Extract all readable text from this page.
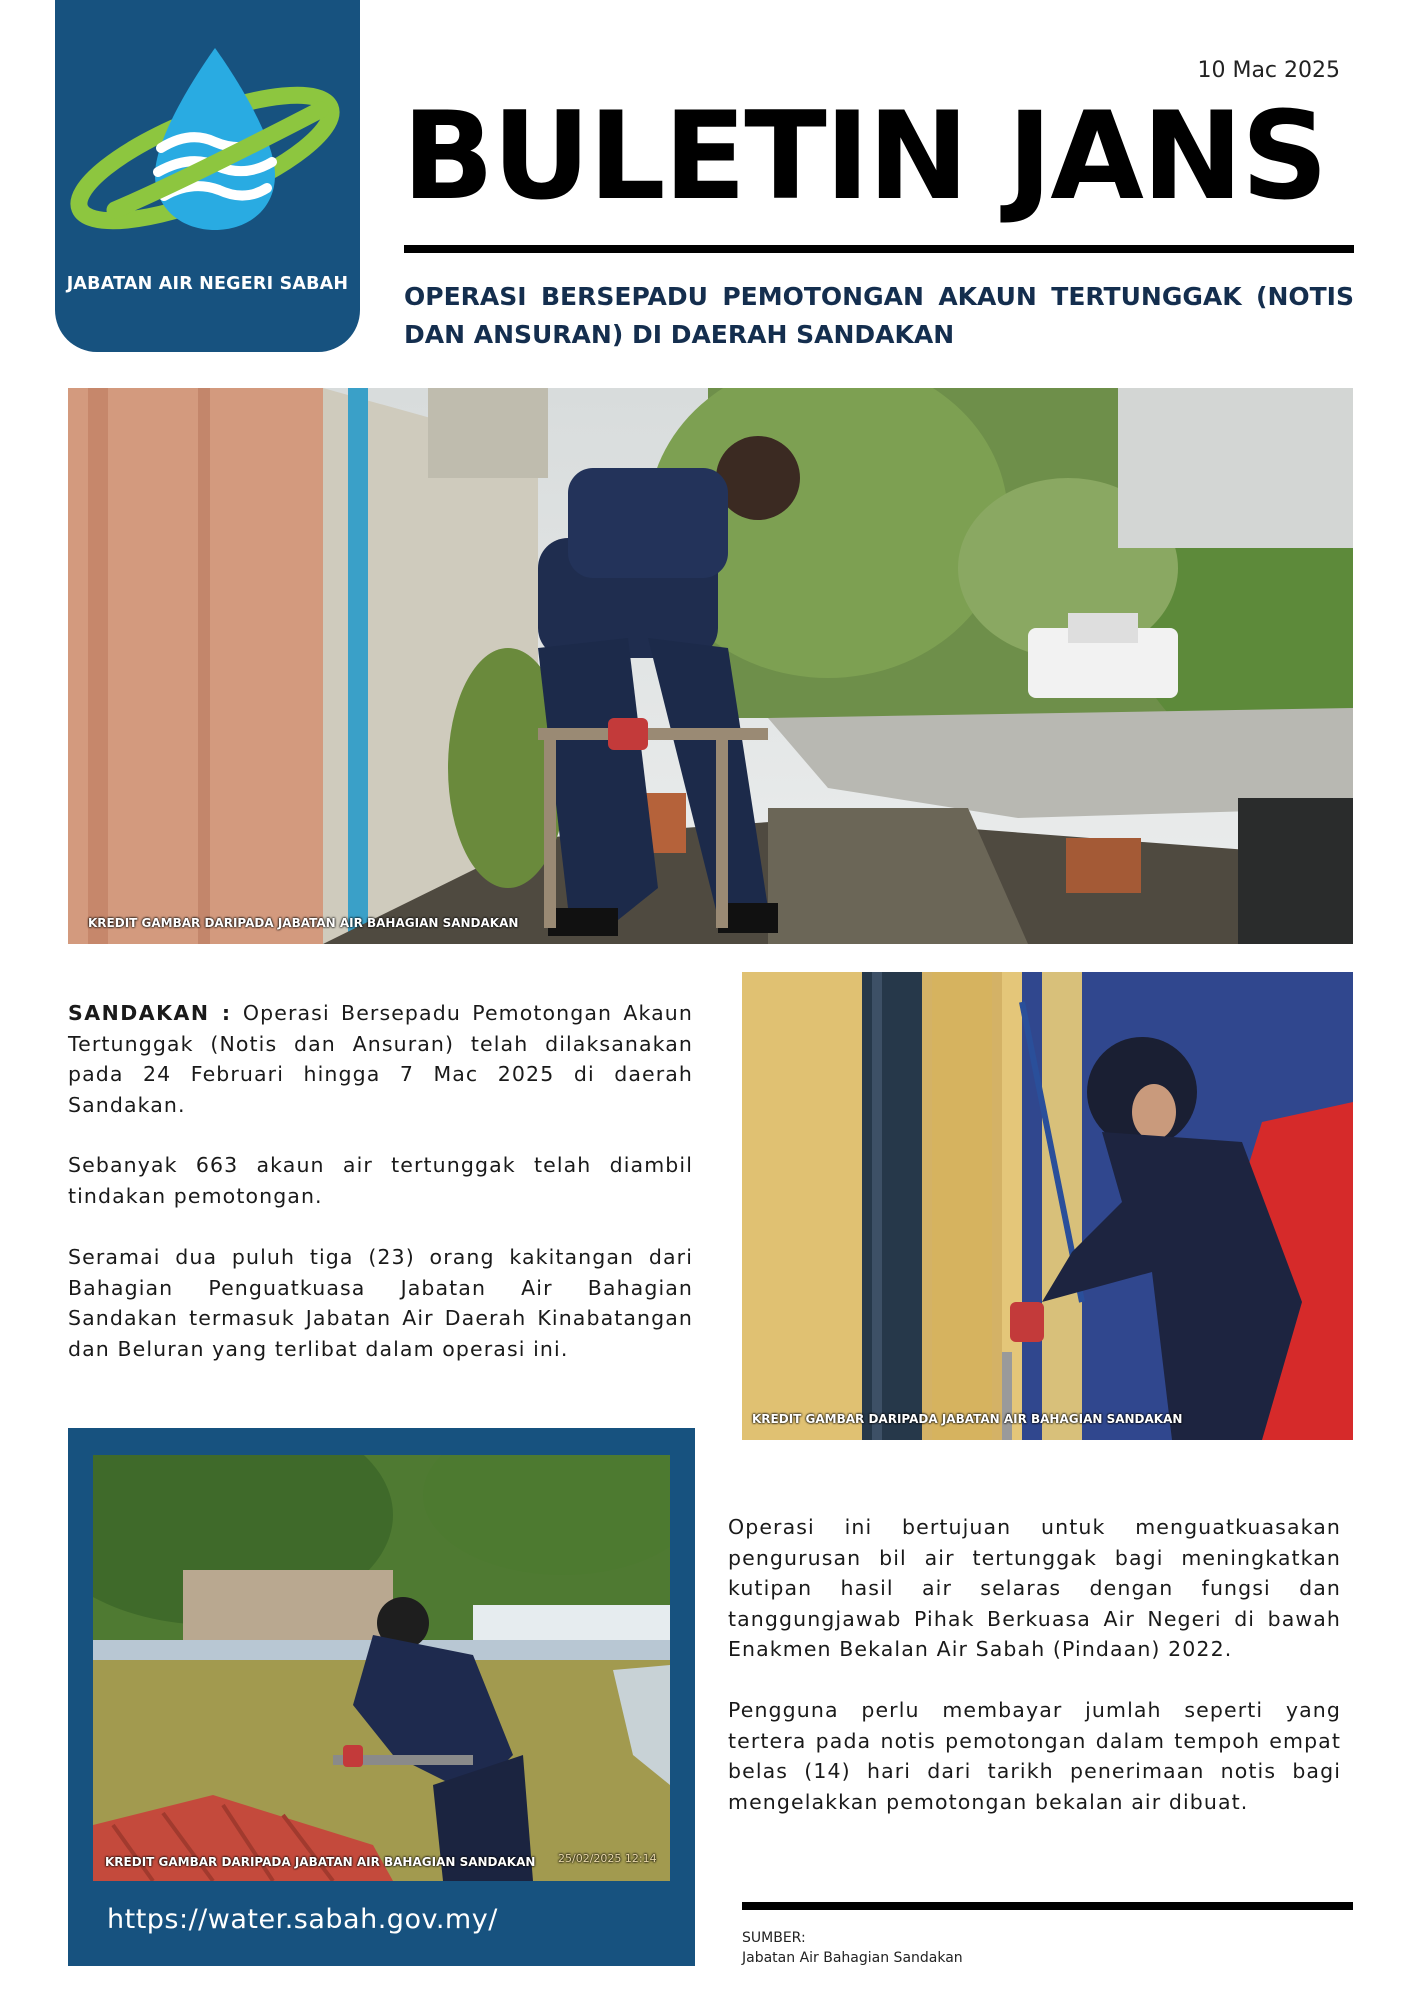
JABATAN AIR NEGERI SABAH
10 Mac 2025
BULETIN JANS
OPERASI BERSEPADU PEMOTONGAN AKAUN TERTUNGGAK (NOTIS DAN ANSURAN) DI DAERAH SANDAKAN
KREDIT GAMBAR DARIPADA JABATAN AIR BAHAGIAN SANDAKAN
SANDAKAN : Operasi Bersepadu Pemotongan Akaun Tertunggak (Notis dan Ansuran) telah dilaksanakan pada 24 Februari hingga 7 Mac 2025 di daerah Sandakan.
Sebanyak 663 akaun air tertunggak telah diambil tindakan pemotongan.
Seramai dua puluh tiga (23) orang kakitangan dari Bahagian Penguatkuasa Jabatan Air Bahagian Sandakan termasuk Jabatan Air Daerah Kinabatangan dan Beluran yang terlibat dalam operasi ini.
KREDIT GAMBAR DARIPADA JABATAN AIR BAHAGIAN SANDAKAN
KREDIT GAMBAR DARIPADA JABATAN AIR BAHAGIAN SANDAKAN 25/02/2025 12:14
https://water.sabah.gov.my/
Operasi ini bertujuan untuk menguatkuasakan pengurusan bil air tertunggak bagi meningkatkan kutipan hasil air selaras dengan fungsi dan tanggungjawab Pihak Berkuasa Air Negeri di bawah Enakmen Bekalan Air Sabah (Pindaan) 2022.
Pengguna perlu membayar jumlah seperti yang tertera pada notis pemotongan dalam tempoh empat belas (14) hari dari tarikh penerimaan notis bagi mengelakkan pemotongan bekalan air dibuat.
SUMBER:
Jabatan Air Bahagian Sandakan
